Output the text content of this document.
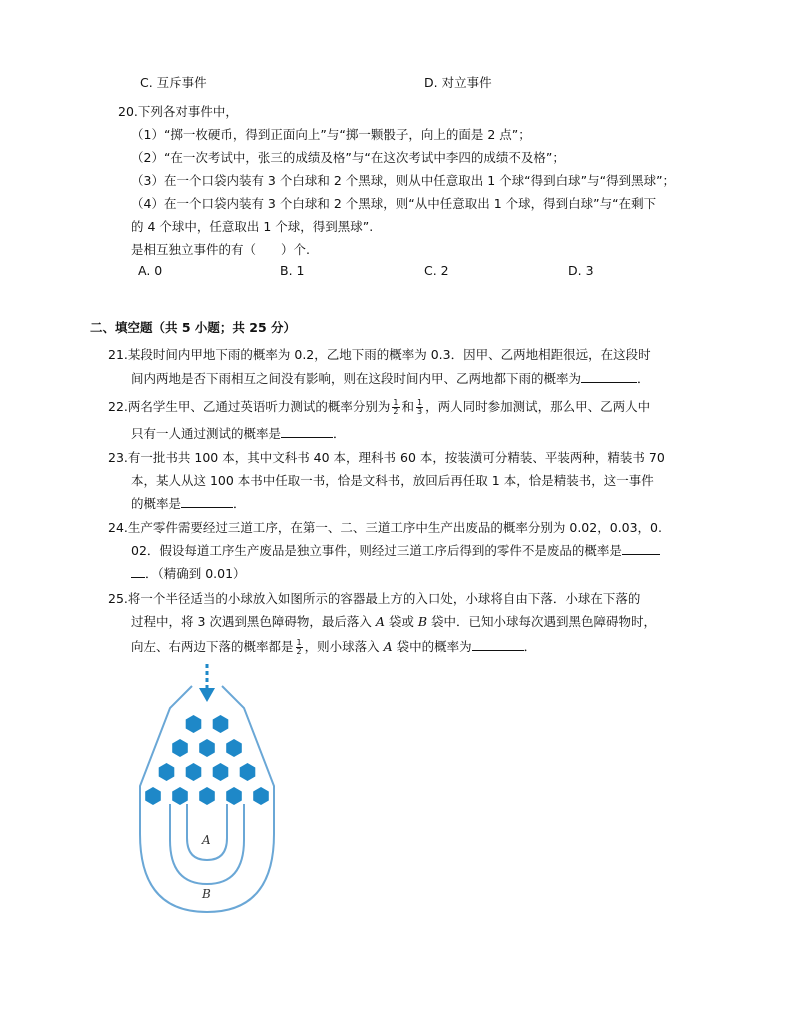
C. 互斥事件	D. 对立事件
20.下列各对事件中，
（1）“掷一枚硬币，得到正面向上”与“掷一颗骰子，向上的面是 2 点”；
（2）“在一次考试中，张三的成绩及格”与“在这次考试中李四的成绩不及格”；
（3）在一个口袋内装有 3 个白球和 2 个黑球，则从中任意取出 1 个球“得到白球”与“得到黑球”；
（4）在一个口袋内装有 3 个白球和 2 个黑球，则“从中任意取出 1 个球，得到白球”与“在剩下
的 4 个球中，任意取出 1 个球，得到黑球”.
是相互独立事件的有（　　）个.
A. 0	B. 1	C. 2	D. 3
二、填空题（共 5 小题；共 25 分）
21.某段时间内甲地下雨的概率为 0.2，乙地下雨的概率为 0.3．因甲、乙两地相距很远，在这段时
间内两地是否下雨相互之间没有影响，则在这段时间内甲、乙两地都下雨的概率为	．
22.两名学生甲、乙通过英语听力测试的概率分别为 $\frac{1}{2}$ 和 $\frac{1}{3}$ ，两人同时参加测试，那么甲、乙两人中
只有一人通过测试的概率是	．
23.有一批书共 100 本，其中文科书 40 本，理科书 60 本，按装潢可分精装、平装两种，精装书 70
本，某人从这 100 本书中任取一书，恰是文科书，放回后再任取 1 本，恰是精装书，这一事件
的概率是	．
24.生产零件需要经过三道工序，在第一、二、三道工序中生产出废品的概率分别为 0.02，0.03，0.
02．假设每道工序生产废品是独立事件，则经过三道工序后得到的零件不是废品的概率是
．（精确到 0.01）
25.将一个半径适当的小球放入如图所示的容器最上方的入口处，小球将自由下落．小球在下落的
过程中，将 3 次遇到黑色障碍物，最后落入 A 袋或 B 袋中．已知小球每次遇到黑色障碍物时，
向左、右两边下落的概率都是 $\frac{1}{2}$ ，则小球落入 A 袋中的概率为	．
A
B
